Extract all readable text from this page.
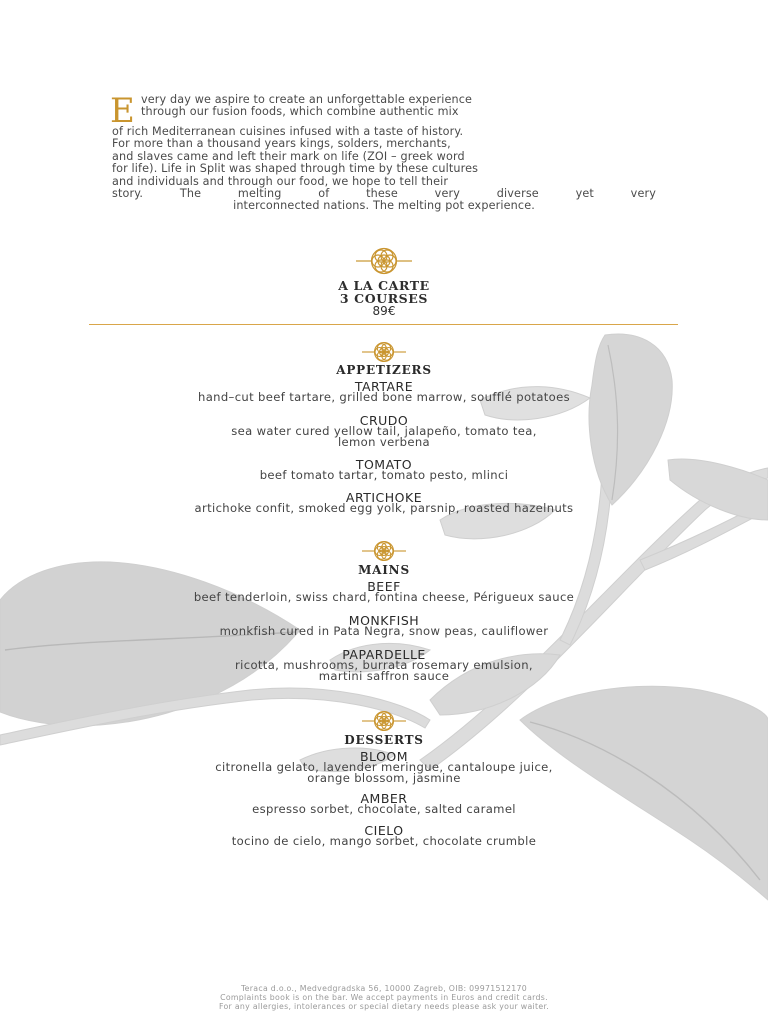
E very day we aspire to create an unforgettable experience

through our fusion foods, which combine authentic mix

of rich Mediterranean cuisines infused with a taste of history.

For more than a thousand years kings, solders, merchants,

and slaves came and left their mark on life (ZOI – greek word

for life). Life in Split was shaped through time by these cultures

and individuals and through our food, we hope to tell their

story. The melting of these very diverse yet very

interconnected nations. The melting pot experience.

A LA CARTE
3 COURSES
89€
APPETIZERS
TARTARE
hand–cut beef tartare, grilled bone marrow, soufflé potatoes
CRUDO
sea water cured yellow tail, jalapeño, tomato tea,
lemon verbena
TOMATO
beef tomato tartar, tomato pesto, mlinci
ARTICHOKE
artichoke confit, smoked egg yolk, parsnip, roasted hazelnuts
MAINS
BEEF
beef tenderloin, swiss chard, fontina cheese, Périgueux sauce
MONKFISH
monkfish cured in Pata Negra, snow peas, cauliflower
PAPARDELLE
ricotta, mushrooms, burrata rosemary emulsion,
martini saffron sauce
DESSERTS
BLOOM
citronella gelato, lavender meringue, cantaloupe juice,
orange blossom, jasmine
AMBER
espresso sorbet, chocolate, salted caramel
CIELO
tocino de cielo, mango sorbet, chocolate crumble
Teraca d.o.o., Medvedgradska 56, 10000 Zagreb, OIB: 09971512170
Complaints book is on the bar. We accept payments in Euros and credit cards.
For any allergies, intolerances or special dietary needs please ask your waiter.
